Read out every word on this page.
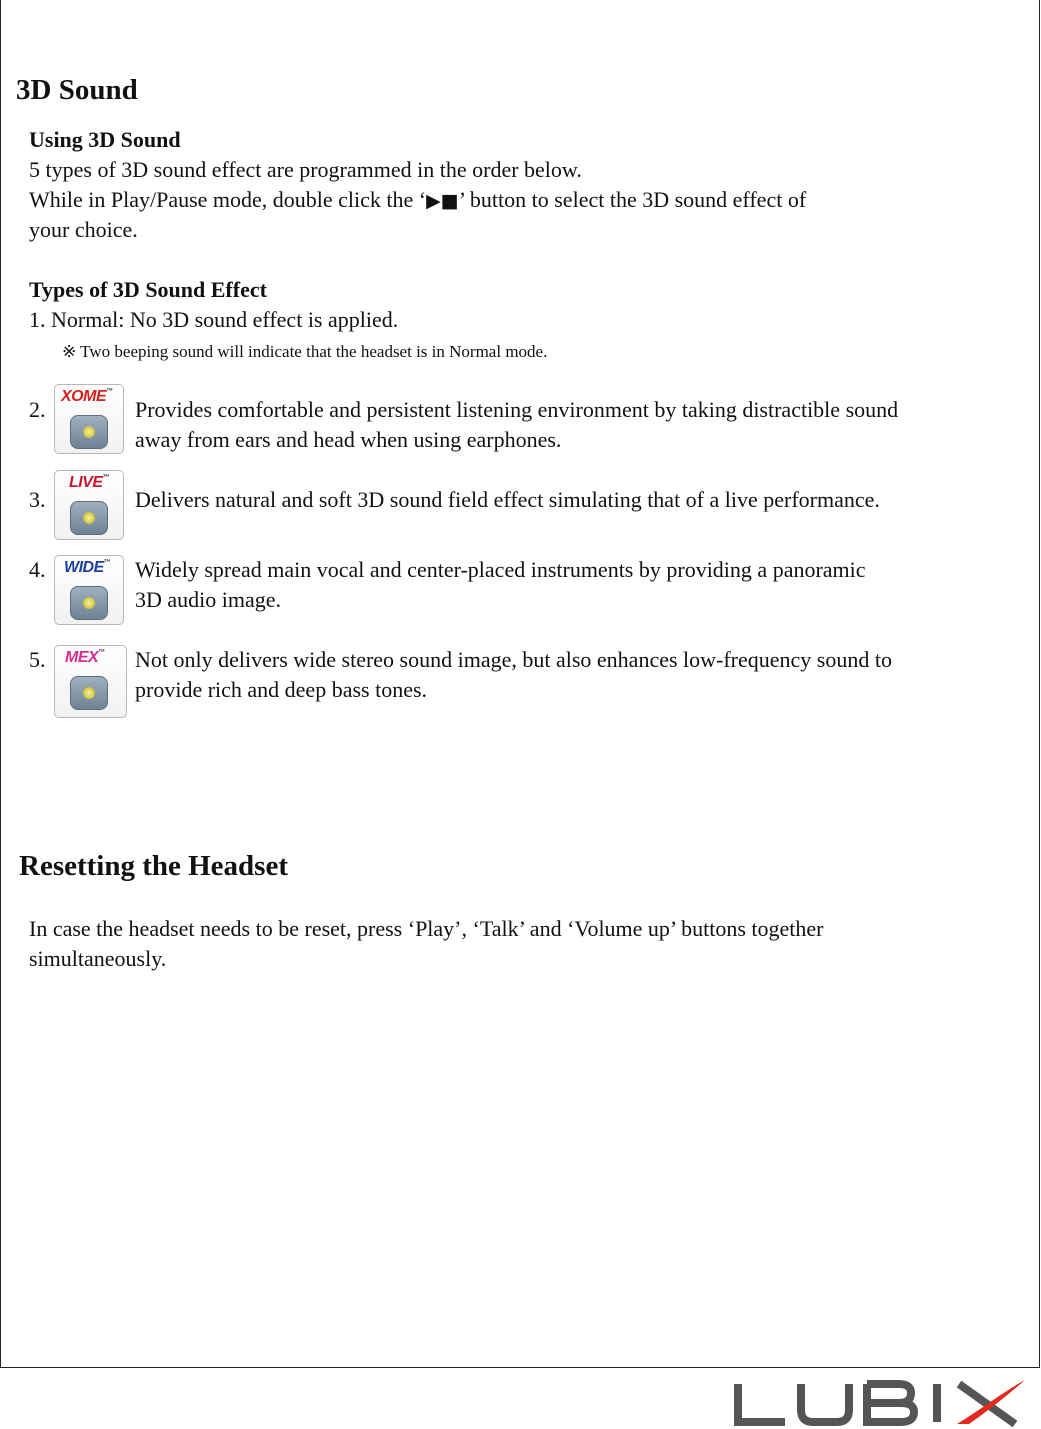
3D Sound
Using 3D Sound
5 types of 3D sound effect are programmed in the order below.
While in Play/Pause mode, double click the ‘▶■’ button to select the 3D sound effect of
your choice.
Types of 3D Sound Effect
1. Normal: No 3D sound effect is applied.
※ Two beeping sound will indicate that the headset is in Normal mode.
2.
XOME™
Provides comfortable and persistent listening environment by taking distractible sound
away from ears and head when using earphones.
3.
LIVE™
Delivers natural and soft 3D sound field effect simulating that of a live performance.
4. WIDE™ Widely spread main vocal and center-placed instruments by providing a panoramic
3D audio image.
5. MEX™ Not only delivers wide stereo sound image, but also enhances low-frequency sound to
provide rich and deep bass tones.
Resetting the Headset
In case the headset needs to be reset, press ‘Play’, ‘Talk’ and ‘Volume up’ buttons together
simultaneously.
